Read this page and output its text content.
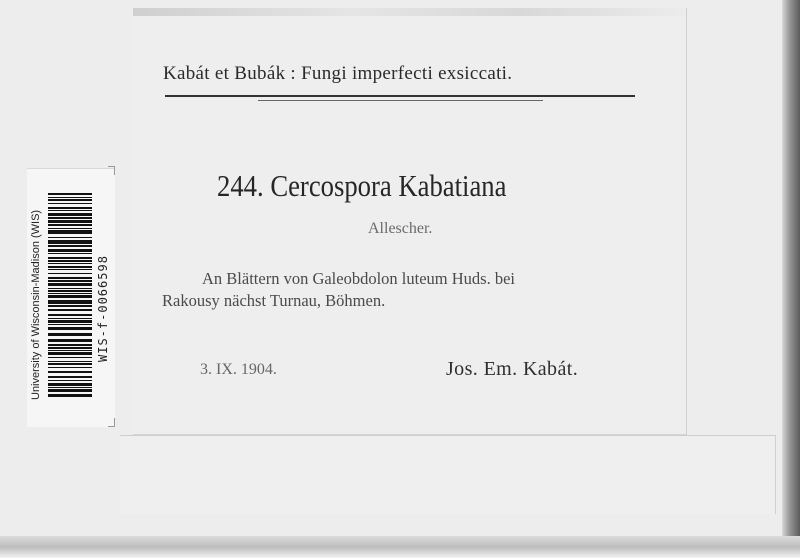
Kabát et Bubák : Fungi imperfecti exsiccati.
244. Cercospora Kabatiana
Allescher.
An Blättern von Galeobdolon luteum Huds. bei
Rakousy nächst Turnau, Böhmen.
3. IX. 1904.	Jos. Em. Kabát.
University of Wisconsin-Madison (WIS)	WIS-f-0066598
